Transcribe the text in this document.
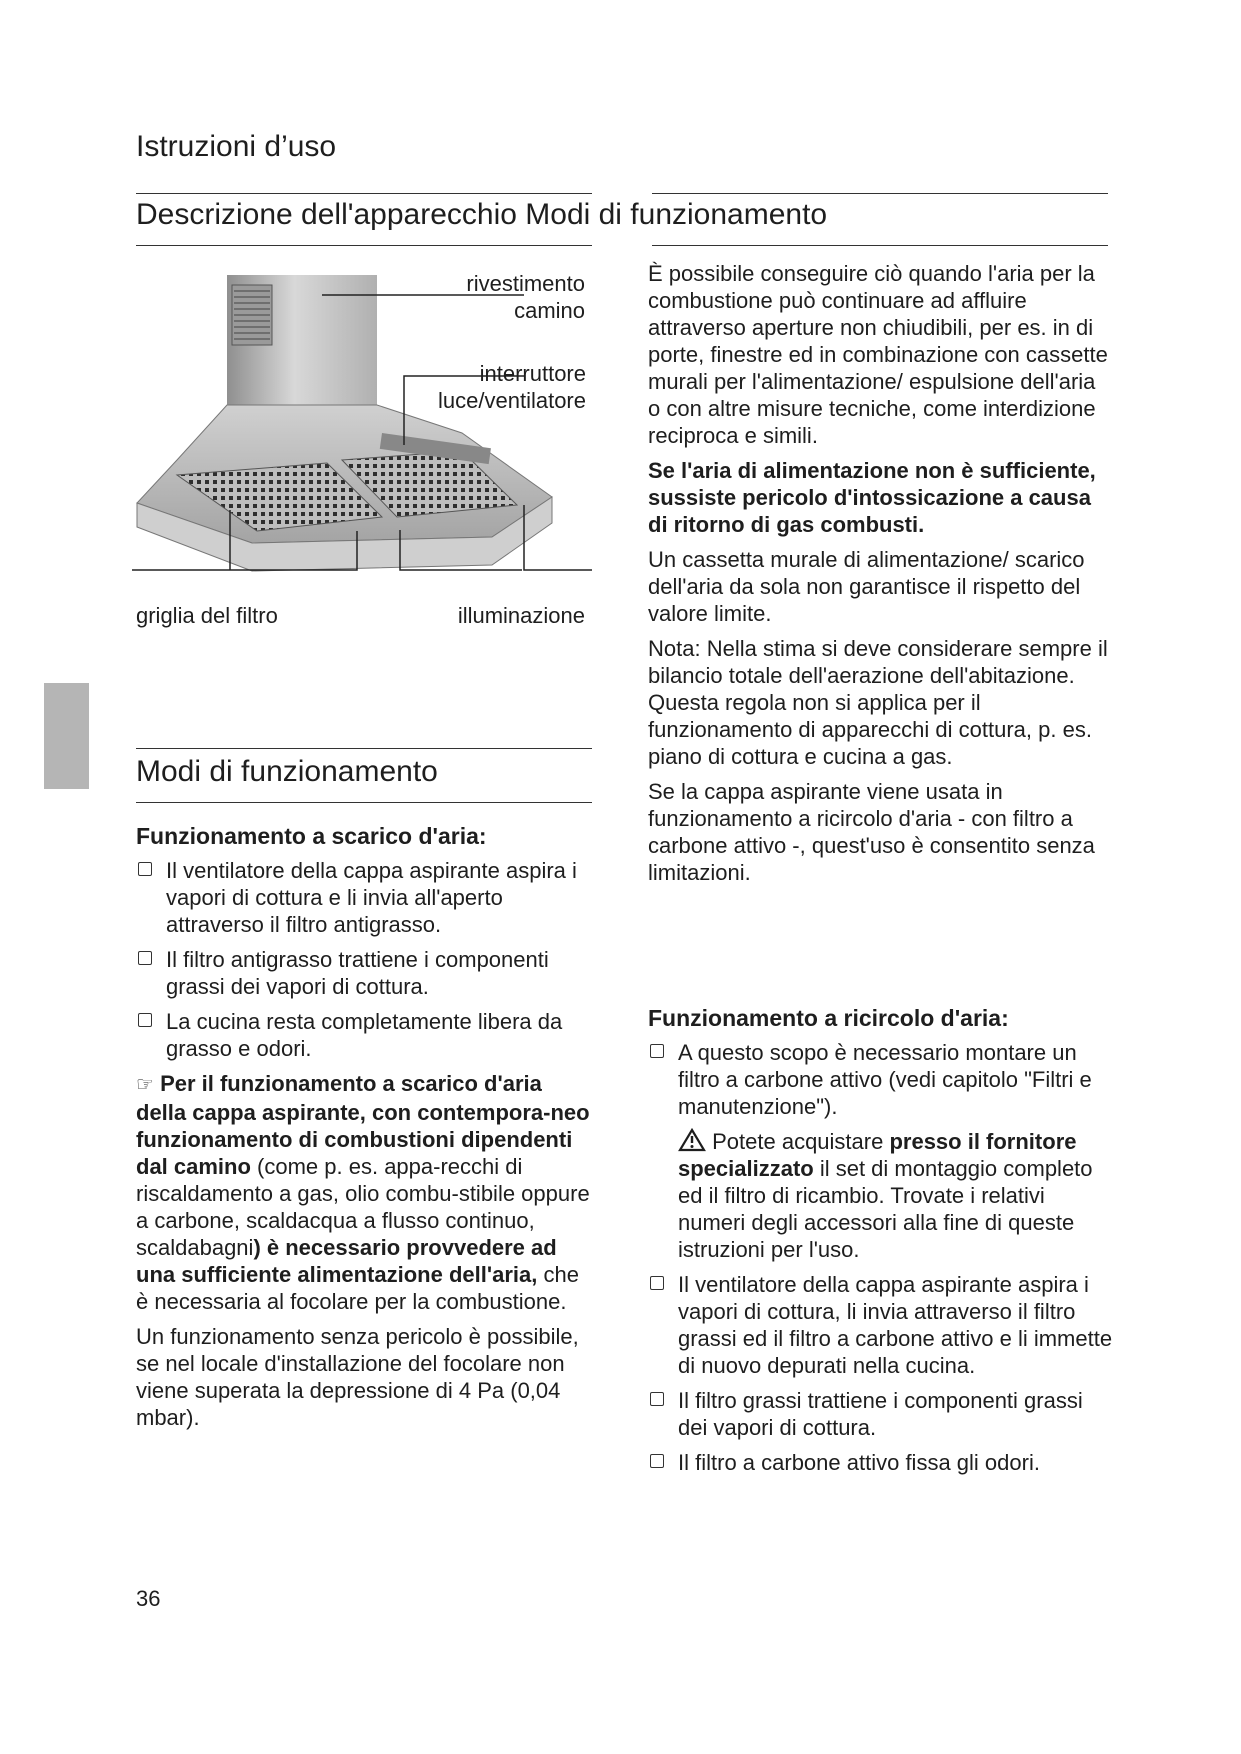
Istruzioni d’uso
Descrizione dell'apparecchio Modi di funzionamento
rivestimento
camino
interruttore
luce/ventilatore
griglia del filtro	illuminazione
Modi di funzionamento
Funzionamento a scarico d'aria:
Il ventilatore della cappa aspirante aspira i vapori di cottura e li invia all'aperto attraverso il filtro antigrasso.
Il filtro antigrasso trattiene i componenti grassi dei vapori di cottura.
La cucina resta completamente libera da grasso e odori.

☞ Per il funzionamento a scarico d'aria della cappa aspirante, con contempora-neo funzionamento di combustioni dipendenti dal camino (come p. es. appa-recchi di riscaldamento a gas, olio combu-stibile oppure a carbone, scaldacqua a flusso continuo, scaldabagni) è necessario provvedere ad una sufficiente alimentazione dell'aria, che è necessaria al focolare per la combustione.

Un funzionamento senza pericolo è possibile, se nel locale d'installazione del focolare non viene superata la depressione di 4 Pa (0,04 mbar).

È possibile conseguire ciò quando l'aria per la combustione può continuare ad affluire attraverso aperture non chiudibili, per es. in di porte, finestre ed in combinazione con cassette murali per l'alimentazione/ espulsione dell'aria o con altre misure tecniche, come interdizione reciproca e simili.

Se l'aria di alimentazione non è sufficiente, sussiste pericolo d'intossicazione a causa di ritorno di gas combusti.

Un cassetta murale di alimentazione/ scarico dell'aria da sola non garantisce il rispetto del valore limite.

Nota: Nella stima si deve considerare sempre il bilancio totale dell'aerazione dell'abitazione. Questa regola non si applica per il funzionamento di apparecchi di cottura, p. es. piano di cottura e cucina a gas.

Se la cappa aspirante viene usata in funzionamento a ricircolo d'aria - con filtro a carbone attivo -, quest'uso è consentito senza limitazioni.

Funzionamento a ricircolo d'aria:
A questo scopo è necessario montare un filtro a carbone attivo (vedi capitolo "Filtri e manutenzione").

Potete acquistare presso il fornitore specializzato il set di montaggio completo ed il filtro di ricambio. Trovate i relativi numeri degli accessori alla fine di queste istruzioni per l'uso.

Il ventilatore della cappa aspirante aspira i vapori di cottura, li invia attraverso il filtro grassi ed il filtro a carbone attivo e li immette di nuovo depurati nella cucina.
Il filtro grassi trattiene i componenti grassi dei vapori di cottura.
Il filtro a carbone attivo fissa gli odori.
36
